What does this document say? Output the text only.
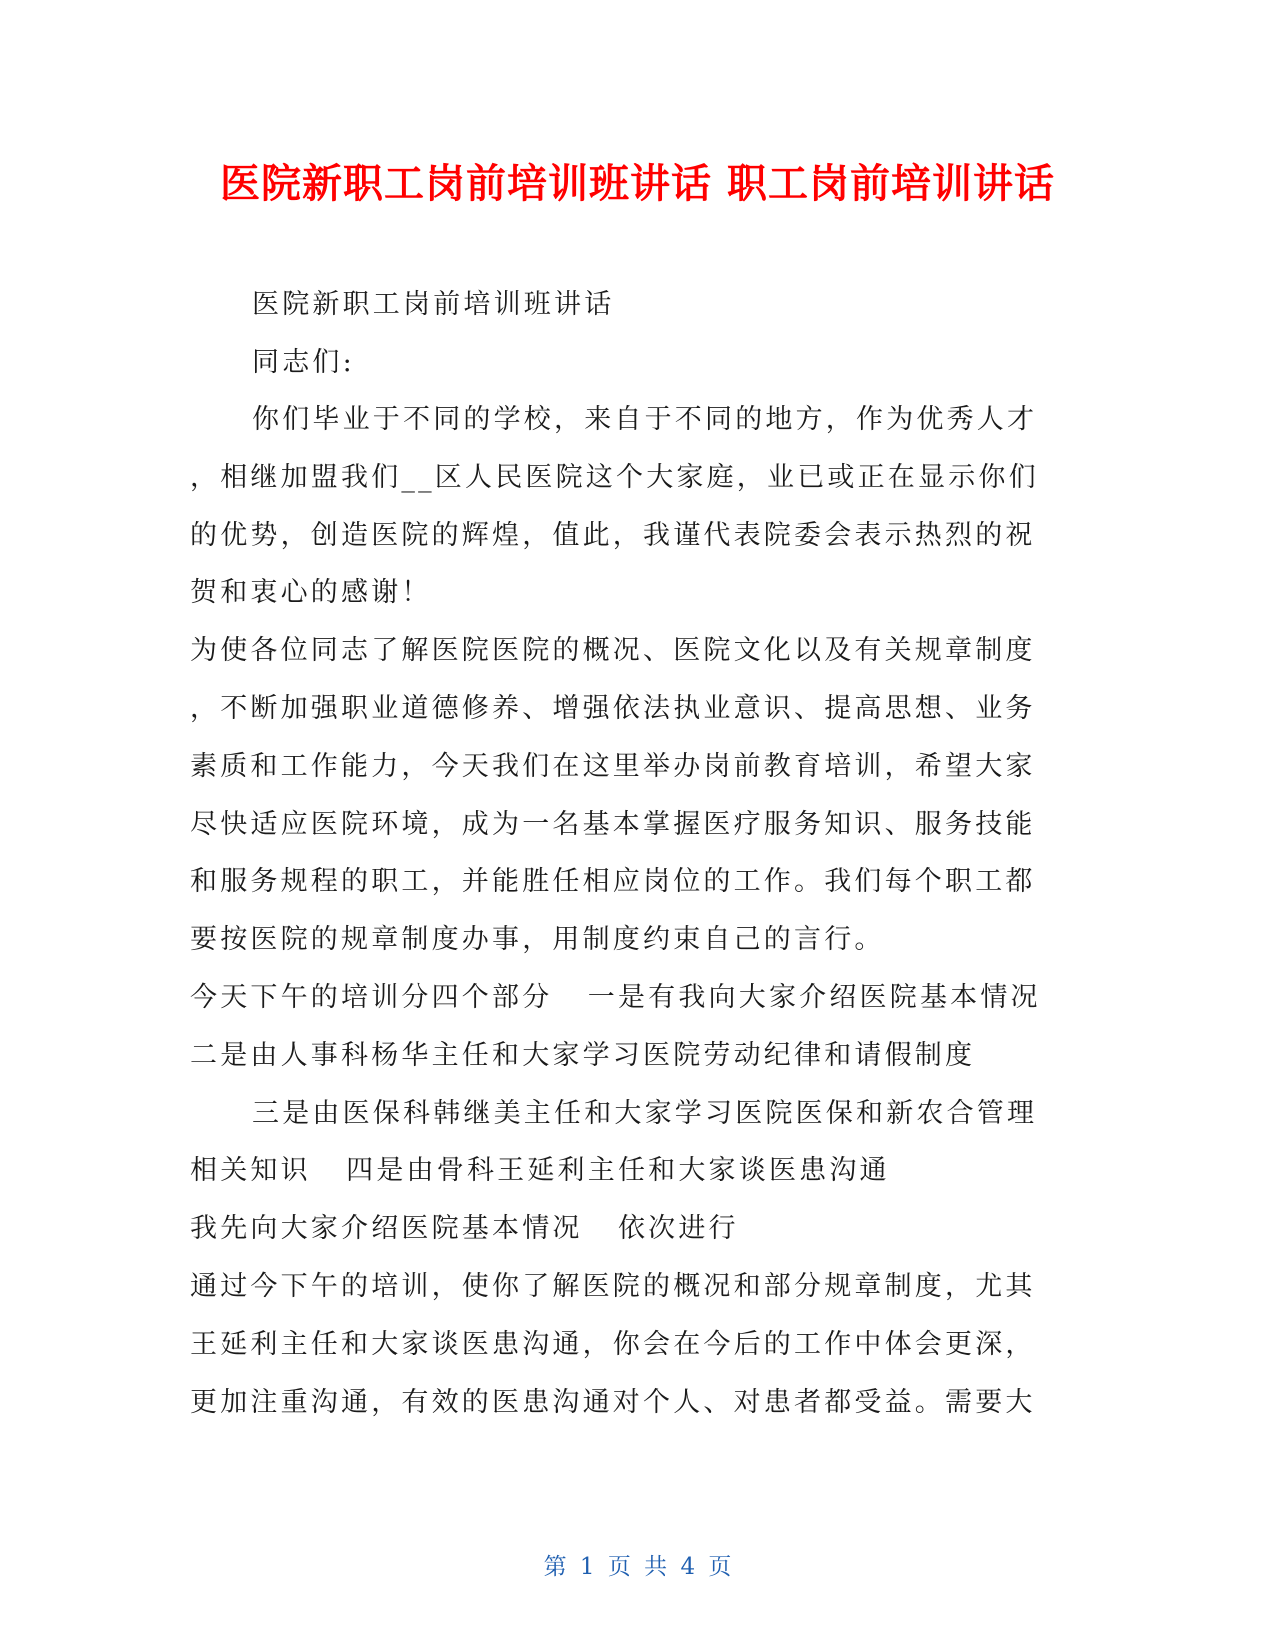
医院新职工岗前培训班讲话 职工岗前培训讲话
医院新职工岗前培训班讲话
同志们:
你们毕业于不同的学校，来自于不同的地方，作为优秀人才
，相继加盟我们__区人民医院这个大家庭，业已或正在显示你们
的优势，创造医院的辉煌，值此，我谨代表院委会表示热烈的祝
贺和衷心的感谢！
为使各位同志了解医院医院的概况、医院文化以及有关规章制度
，不断加强职业道德修养、增强依法执业意识、提高思想、业务
素质和工作能力，今天我们在这里举办岗前教育培训，希望大家
尽快适应医院环境，成为一名基本掌握医疗服务知识、服务技能
和服务规程的职工，并能胜任相应岗位的工作。我们每个职工都
要按医院的规章制度办事，用制度约束自己的言行。
今天下午的培训分四个部分   一是有我向大家介绍医院基本情况
二是由人事科杨华主任和大家学习医院劳动纪律和请假制度
三是由医保科韩继美主任和大家学习医院医保和新农合管理
相关知识   四是由骨科王延利主任和大家谈医患沟通
我先向大家介绍医院基本情况   依次进行
通过今下午的培训，使你了解医院的概况和部分规章制度，尤其
王延利主任和大家谈医患沟通，你会在今后的工作中体会更深，
更加注重沟通，有效的医患沟通对个人、对患者都受益。需要大
第 1 页 共 4 页
